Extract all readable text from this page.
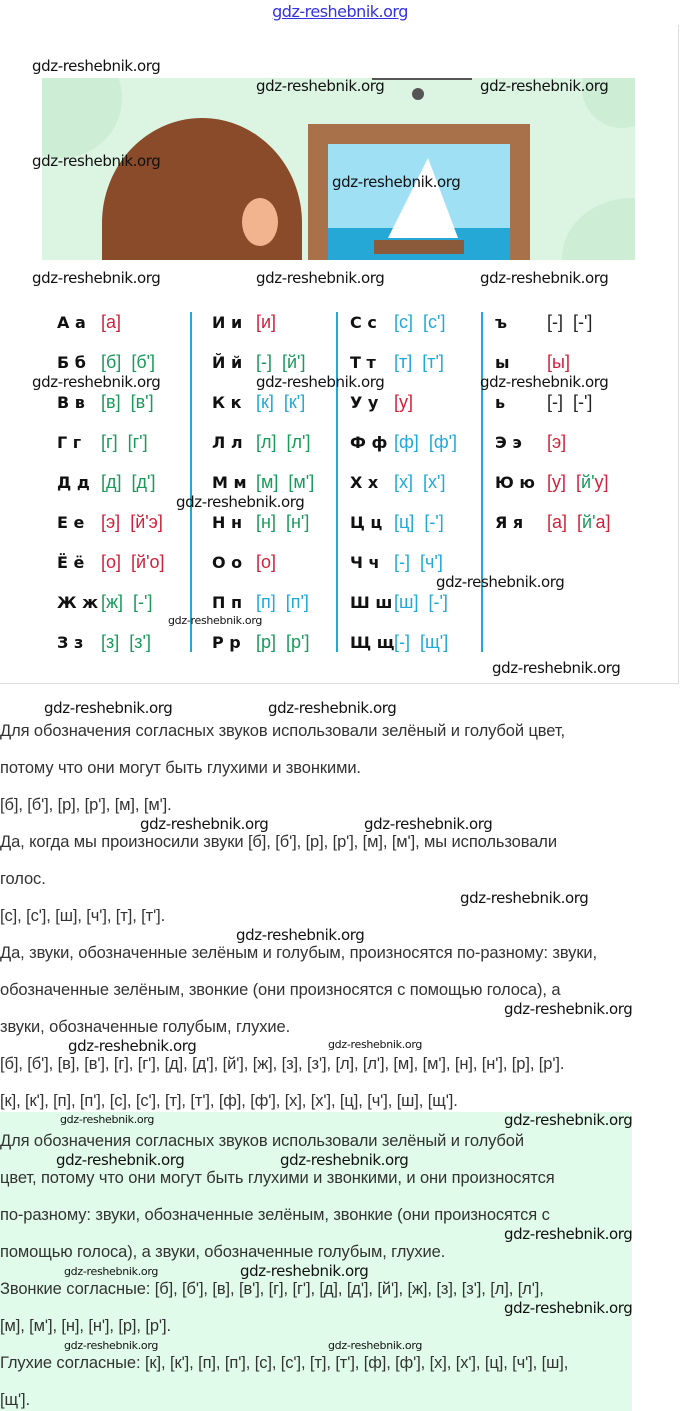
gdz-reshebnik.org
А а [а]
Б б [б] [б']
В в [в] [в']
Г г [г] [г']
Д д [д] [д']
Е е [э] [й'э]
Ё ё [о] [й'о]
Ж ж [ж] [-']
З з [з] [з']
И и [и]
Й й [-] [й']
К к [к] [к']
Л л [л] [л']
М м [м] [м']
Н н [н] [н']
О о [о]
П п [п] [п']
Р р [р] [р']
С с [с] [с']
Т т [т] [т']
У у [у]
Ф ф [ф] [ф']
Х х [х] [х']
Ц ц [ц] [-']
Ч ч [-] [ч']
Ш ш[ш] [-']
Щ щ[-] [щ']
ъ [-] [-']
ы [ы]
ь [-] [-']
Э э [э]
Ю ю [у] [й'у]
Я я [а] [й'а]
Для обозначения согласных звуков использовали зелёный и голубой цвет,
потому что они могут быть глухими и звонкими.
[б], [б'], [р], [р'], [м], [м'].
Да, когда мы произносили звуки [б], [б'], [р], [р'], [м], [м'], мы использовали
голос.
[с], [с'], [ш], [ч'], [т], [т'].
Да, звуки, обозначенные зелёным и голубым, произносятся по-разному: звуки,
обозначенные зелёным, звонкие (они произносятся с помощью голоса), а
звуки, обозначенные голубым, глухие.
[б], [б'], [в], [в'], [г], [г'], [д], [д'], [й'], [ж], [з], [з'], [л], [л'], [м], [м'], [н], [н'], [р], [р'].
[к], [к'], [п], [п'], [с], [с'], [т], [т'], [ф], [ф'], [х], [х'], [ц], [ч'], [ш], [щ'].
Для обозначения согласных звуков использовали зелёный и голубой
цвет, потому что они могут быть глухими и звонкими, и они произносятся
по-разному: звуки, обозначенные зелёным, звонкие (они произносятся с
помощью голоса), а звуки, обозначенные голубым, глухие.
Звонкие согласные: [б], [б'], [в], [в'], [г], [г'], [д], [д'], [й'], [ж], [з], [з'], [л], [л'],
[м], [м'], [н], [н'], [р], [р'].
Глухие согласные: [к], [к'], [п], [п'], [с], [с'], [т], [т'], [ф], [ф'], [х], [х'], [ц], [ч'], [ш],
[щ'].
gdz-reshebnik.org
gdz-reshebnik.org	gdz-reshebnik.org
gdz-reshebnik.org
gdz-reshebnik.org
gdz-reshebnik.org	gdz-reshebnik.org	gdz-reshebnik.org
gdz-reshebnik.org	gdz-reshebnik.org	gdz-reshebnik.org
gdz-reshebnik.org
gdz-reshebnik.org
gdz-reshebnik.org
gdz-reshebnik.org
gdz-reshebnik.org	gdz-reshebnik.org
gdz-reshebnik.org
gdz-reshebnik.org
gdz-reshebnik.org
gdz-reshebnik.org
gdz-reshebnik.org
gdz-reshebnik.org
gdz-reshebnik.org
gdz-reshebnik.org	gdz-reshebnik.org
gdz-reshebnik.org	gdz-reshebnik.org
gdz-reshebnik.org
gdz-reshebnik.org	gdz-reshebnik.org
gdz-reshebnik.org
gdz-reshebnik.org	gdz-reshebnik.org
